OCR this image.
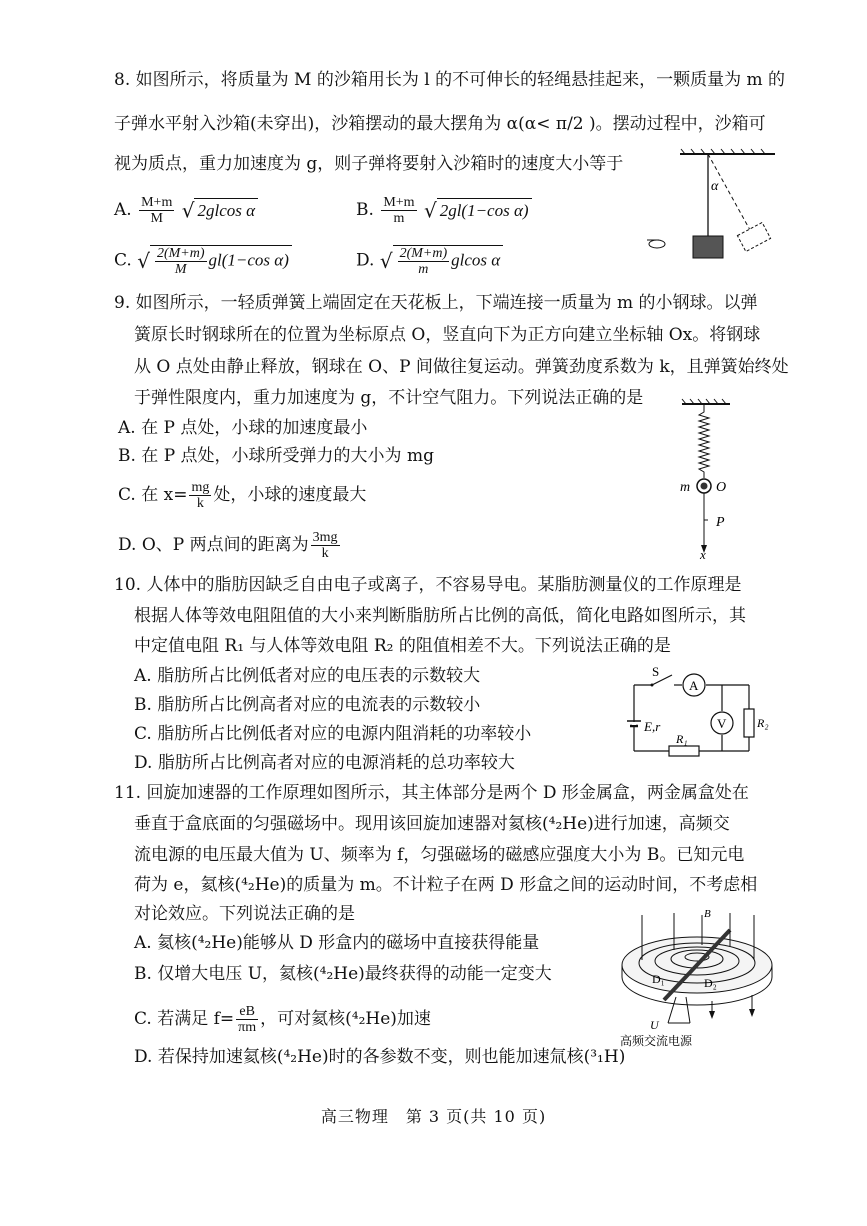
8. 如图所示，将质量为 M 的沙箱用长为 l 的不可伸长的轻绳悬挂起来，一颗质量为 m 的
子弹水平射入沙箱(未穿出)，沙箱摆动的最大摆角为 α(α< π/2 )。摆动过程中，沙箱可
视为质点，重力加速度为 g，则子弹将要射入沙箱时的速度大小等于
A. $\frac{M+m}{M}$ √ 2glcos α	B. $\frac{M+m}{m}$ √ 2gl(1−cos α)
C. √ $\frac{2(M+m)}{M} gl(1-\cos$ α)	D. √ $\frac{2(M+m)}{m}$ glcos α
α
9. 如图所示，一轻质弹簧上端固定在天花板上，下端连接一质量为 m 的小钢球。以弹
簧原长时钢球所在的位置为坐标原点 O，竖直向下为正方向建立坐标轴 Ox。将钢球
从 O 点处由静止释放，钢球在 O、P 间做往复运动。弹簧劲度系数为 k，且弹簧始终处
于弹性限度内，重力加速度为 g，不计空气阻力。下列说法正确的是
A. 在 P 点处，小球的加速度最小
B. 在 P 点处，小球所受弹力的大小为 mg
C. 在 $x= \frac{mg}{k}$ 处，小球的速度最大
D. O、P 两点间的距离为 $\frac{3mg}{k}$
m O
P
x
10. 人体中的脂肪因缺乏自由电子或离子，不容易导电。某脂肪测量仪的工作原理是
根据人体等效电阻阻值的大小来判断脂肪所占比例的高低，简化电路如图所示，其
中定值电阻 R₁ 与人体等效电阻 R₂ 的阻值相差不大。下列说法正确的是
A. 脂肪所占比例低者对应的电压表的示数较大
B. 脂肪所占比例高者对应的电流表的示数较小
C. 脂肪所占比例低者对应的电源内阻消耗的功率较小
D. 脂肪所占比例高者对应的电源消耗的总功率较大
A
V
S
E,r
R₁
R₂
11. 回旋加速器的工作原理如图所示，其主体部分是两个 D 形金属盒，两金属盒处在
垂直于盒底面的匀强磁场中。现用该回旋加速器对氦核(⁴₂He)进行加速，高频交
流电源的电压最大值为 U、频率为 f，匀强磁场的磁感应强度大小为 B。已知元电
荷为 e，氦核(⁴₂He)的质量为 m。不计粒子在两 D 形盒之间的运动时间，不考虑相
对论效应。下列说法正确的是
A. 氦核(⁴₂He)能够从 D 形盒内的磁场中直接获得能量
B. 仅增大电压 U，氦核(⁴₂He)最终获得的动能一定变大
C. 若满足 $f= \frac{eB}{\pi m}$ ，可对氦核(⁴₂He)加速
D. 若保持加速氦核(⁴₂He)时的各参数不变，则也能加速氚核(³₁H)
B
D₁	D₂
U
高频交流电源
高三物理　第 3 页(共 10 页)
